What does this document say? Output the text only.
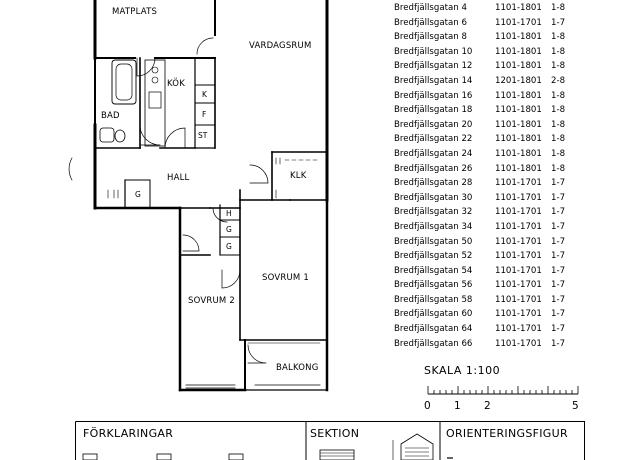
MATPLATS
VARDAGSRUM
KÖK
BAD
HALL	KLK
SOVRUM 1
SOVRUM 2
BALKONG
K
F
ST
G
H
G
G
Bredfjällsgatan 4	1101-1801 1-8
Bredfjällsgatan 6	1101-1701 1-7
Bredfjällsgatan 8	1101-1801 1-8
Bredfjällsgatan 10	1101-1801 1-8
Bredfjällsgatan 12	1101-1801 1-8
Bredfjällsgatan 14	1201-1801 2-8
Bredfjällsgatan 16	1101-1801 1-8
Bredfjällsgatan 18	1101-1801 1-8
Bredfjällsgatan 20	1101-1801 1-8
Bredfjällsgatan 22	1101-1801 1-8
Bredfjällsgatan 24	1101-1801 1-8
Bredfjällsgatan 26	1101-1801 1-8
Bredfjällsgatan 28	1101-1701 1-7
Bredfjällsgatan 30	1101-1701 1-7
Bredfjällsgatan 32	1101-1701 1-7
Bredfjällsgatan 34	1101-1701 1-7
Bredfjällsgatan 50	1101-1701 1-7
Bredfjällsgatan 52	1101-1701 1-7
Bredfjällsgatan 54	1101-1701 1-7
Bredfjällsgatan 56	1101-1701 1-7
Bredfjällsgatan 58	1101-1701 1-7
Bredfjällsgatan 60	1101-1701 1-7
Bredfjällsgatan 64	1101-1701 1-7
Bredfjällsgatan 66	1101-1701 1-7
SKALA 1:100
0 1 2	5
FÖRKLARINGAR	SEKTION	ORIENTERINGSFIGUR
